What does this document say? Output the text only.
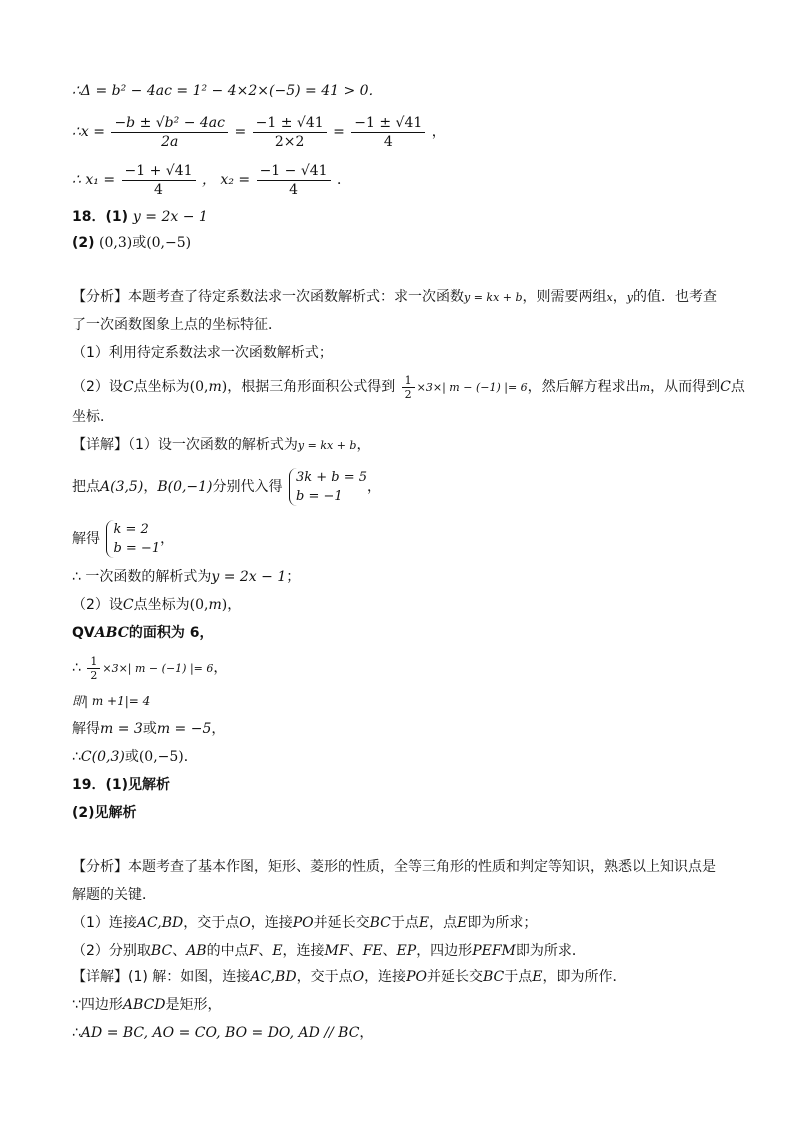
∴Δ = b² − 4ac = 1² − 4×2×(−5) = 41 > 0．
∴x = $\frac{\text{−b ± √b² − 4ac}}{2a} = \frac{-1 \pm √41}{2\times 2} = \frac{-1 \pm √41}{4}$ ，
∴ $x_1 = \frac{-1 + √41}{4}$ ， $x_2 = \frac{-1 - √41}{4}$ ．
18．(1) y = 2x − 1
(2) (0,3)或(0,−5)
【分析】本题考查了待定系数法求一次函数解析式：求一次函数y = kx + b，则需要两组x，y的值．也考查
了一次函数图象上点的坐标特征．
（1）利用待定系数法求一次函数解析式；
（2）设C点坐标为(0,m)，根据三角形面积公式得到 $\frac{1}{2} \times 3\times|$ m − (−1) |= 6，然后解方程求出m，从而得到C点
坐标．
【详解】（1）设一次函数的解析式为y = kx + b，
把点A(3,5)，B(0,−1)分别代入得
3k + b = 5
b = −1
，
解得
k = 2
b = −1
，
∴ 一次函数的解析式为y = 2x − 1；
（2）设C点坐标为(0,m)，
QVABC的面积为 6，
∴ $\frac{1}{2} \times 3\times|$ m − (−1) |= 6，
即| m +1|= 4
解得m = 3或m = −5，
∴C(0,3)或(0,−5)．
19．(1)见解析
(2)见解析
【分析】本题考查了基本作图，矩形、菱形的性质，全等三角形的性质和判定等知识，熟悉以上知识点是
解题的关键．
（1）连接AC,BD，交于点O，连接PO并延长交BC于点E，点E即为所求；
（2）分别取BC、AB的中点F、E，连接MF、FE、EP，四边形PEFM即为所求．
【详解】(1) 解：如图，连接AC,BD，交于点O，连接PO并延长交BC于点E，即为所作．
∵四边形ABCD是矩形，
∴AD = BC, AO = CO, BO = DO, AD // BC，
